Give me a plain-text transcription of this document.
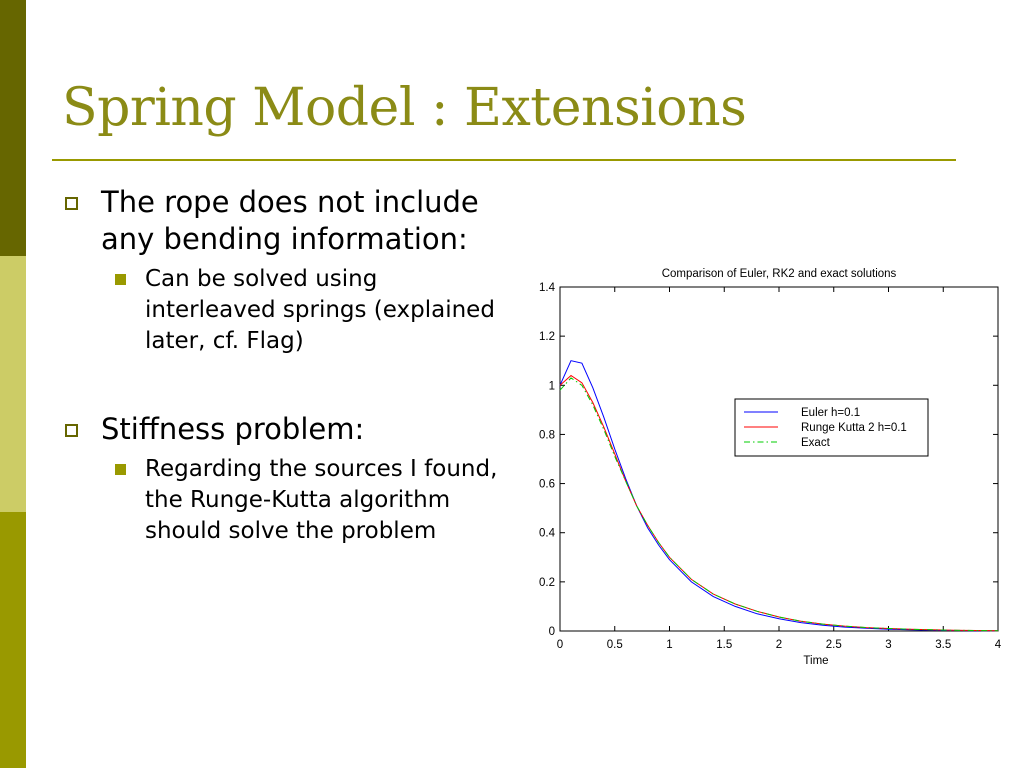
Spring Model : Extensions
The rope does not include any bending information:
Can be solved using interleaved springs (explained later, cf. Flag)
Stiffness problem:
Regarding the sources I found, the Runge-Kutta algorithm should solve the problem
Comparison of Euler, RK2 and exact solutions
0	0.5	1	1.5	2	2.5	3	3.5	4
0
0.2
0.4
0.6
0.8
1
1.2
1.4
Time
Euler h=0.1
Runge Kutta 2 h=0.1
Exact
